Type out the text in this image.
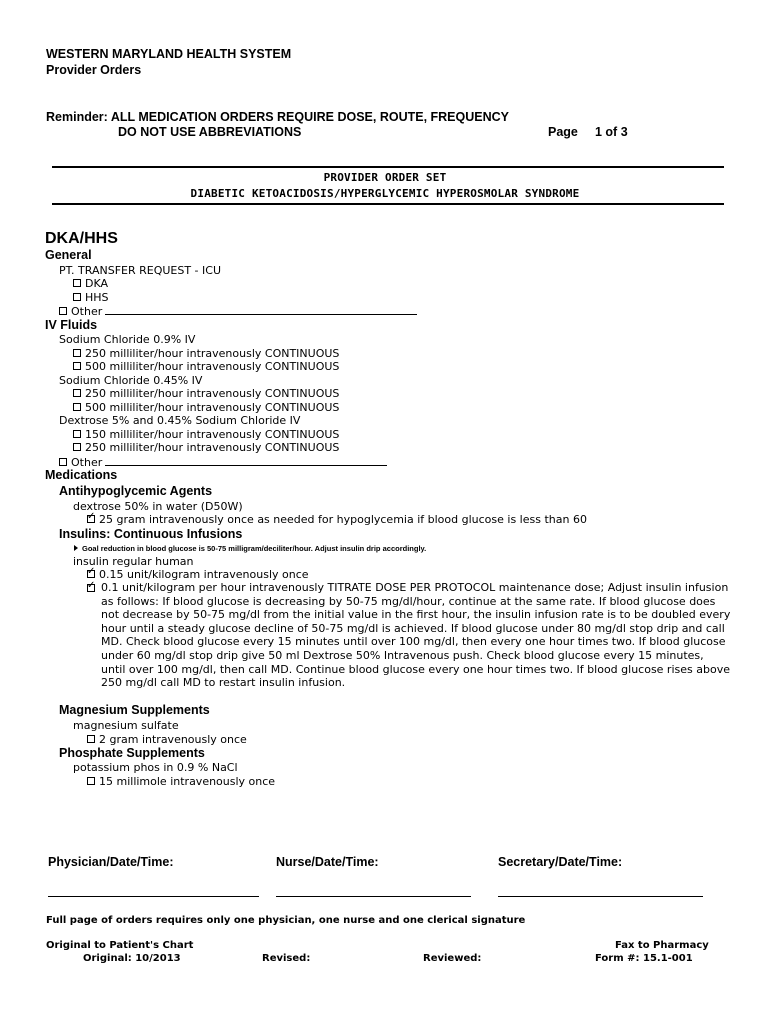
WESTERN MARYLAND HEALTH SYSTEM
Provider Orders
Reminder: ALL MEDICATION ORDERS REQUIRE DOSE, ROUTE, FREQUENCY
DO NOT USE ABBREVIATIONS	Page 1 of 3
PROVIDER ORDER SET
DIABETIC KETOACIDOSIS/HYPERGLYCEMIC HYPEROSMOLAR SYNDROME
DKA/HHS
General
PT. TRANSFER REQUEST - ICU
DKA
HHS
Other
IV Fluids
Sodium Chloride 0.9% IV
250 milliliter/hour intravenously CONTINUOUS
500 milliliter/hour intravenously CONTINUOUS
Sodium Chloride 0.45% IV
250 milliliter/hour intravenously CONTINUOUS
500 milliliter/hour intravenously CONTINUOUS
Dextrose 5% and 0.45% Sodium Chloride IV
150 milliliter/hour intravenously CONTINUOUS
250 milliliter/hour intravenously CONTINUOUS
Other
Medications
Antihypoglycemic Agents
dextrose 50% in water (D50W)
✓25 gram intravenously once as needed for hypoglycemia if blood glucose is less than 60
Insulins: Continuous Infusions
Goal reduction in blood glucose is 50-75 milligram/deciliter/hour. Adjust insulin drip accordingly.
insulin regular human
✓0.15 unit/kilogram intravenously once
✓
0.1 unit/kilogram per hour intravenously TITRATE DOSE PER PROTOCOL maintenance dose; Adjust insulin infusion as follows: If blood glucose is decreasing by 50-75 mg/dl/hour, continue at the same rate. If blood glucose does not decrease by 50-75 mg/dl from the initial value in the first hour, the insulin infusion rate is to be doubled every hour until a steady glucose decline of 50-75 mg/dl is achieved. If blood glucose under 80 mg/dl stop drip and call MD. Check blood glucose every 15 minutes until over 100 mg/dl, then every one hour times two. If blood glucose under 60 mg/dl stop drip give 50 ml Dextrose 50% Intravenous push. Check blood glucose every 15 minutes, until over 100 mg/dl, then call MD. Continue blood glucose every one hour times two. If blood glucose rises above 250 mg/dl call MD to restart insulin infusion.
Magnesium Supplements
magnesium sulfate
2 gram intravenously once
Phosphate Supplements
potassium phos in 0.9 % NaCl
15 millimole intravenously once
Physician/Date/Time:	Nurse/Date/Time:	Secretary/Date/Time:
Full page of orders requires only one physician, one nurse and one clerical signature
Original to Patient's Chart	Fax to Pharmacy
Original: 10/2013	Revised:	Reviewed:	Form #: 15.1-001
